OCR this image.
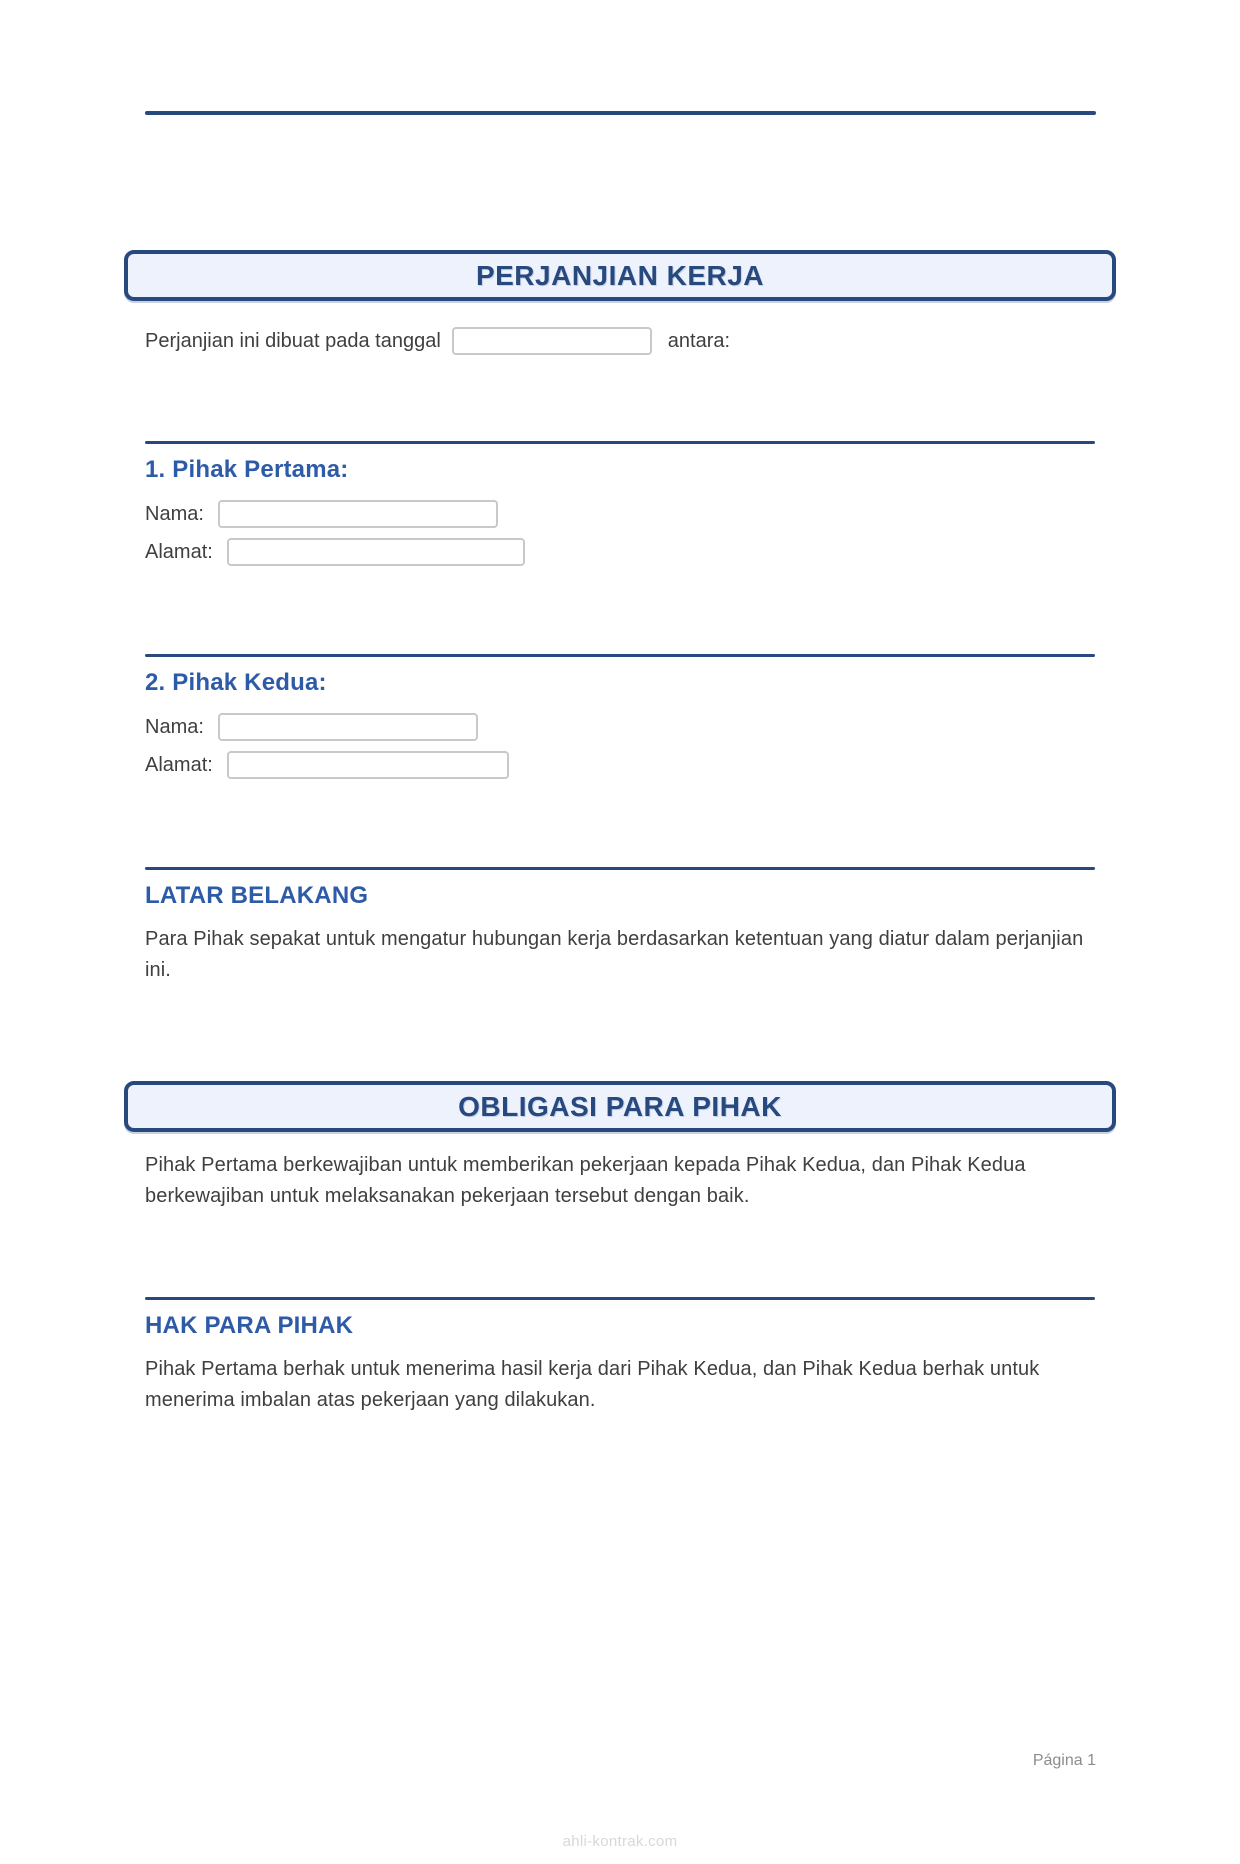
PERJANJIAN KERJA
Perjanjian ini dibuat pada tanggal	antara:
1. Pihak Pertama:
Nama:
Alamat:
2. Pihak Kedua:
Nama:
Alamat:
LATAR BELAKANG

Para Pihak sepakat untuk mengatur hubungan kerja berdasarkan ketentuan yang diatur dalam perjanjian ini.

OBLIGASI PARA PIHAK

Pihak Pertama berkewajiban untuk memberikan pekerjaan kepada Pihak Kedua, dan Pihak Kedua berkewajiban untuk melaksanakan pekerjaan tersebut dengan baik.

HAK PARA PIHAK

Pihak Pertama berhak untuk menerima hasil kerja dari Pihak Kedua, dan Pihak Kedua berhak untuk menerima imbalan atas pekerjaan yang dilakukan.

Página 1
ahli-kontrak.com
